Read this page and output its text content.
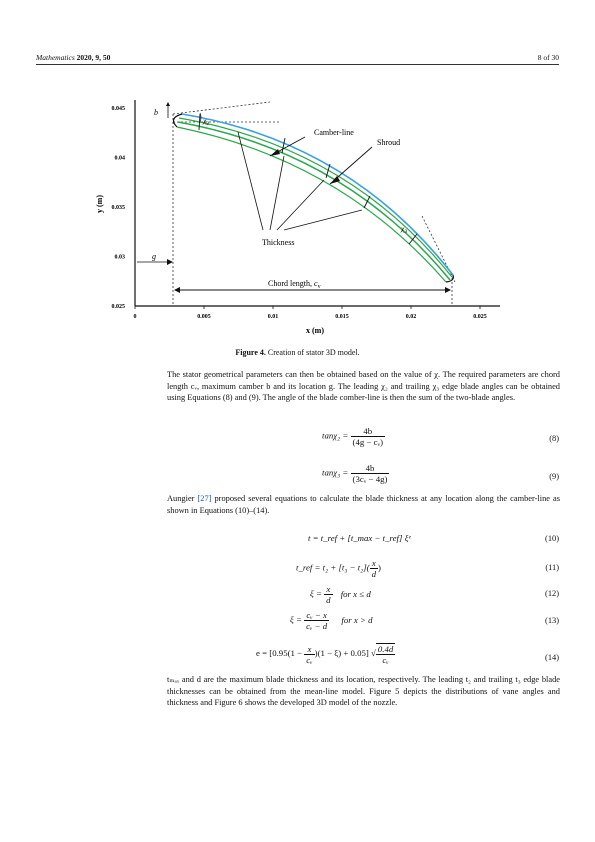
Mathematics 2020, 9, 50	8 of 30
0	0.005	0.01	0.015	0.02	0.025
0.025
0.03
0.035
0.04
0.045
x (m)
y (m)
Thickness
Camber-line
Shroud
Chord length, $c_v$
g
b
$\chi_2$
$\chi_3$
Figure 4. Creation of stator 3D model.
The stator geometrical parameters can then be obtained based on the value of χ. The required parameters are chord length cᵥ, maximum camber b and its location g. The leading χ₂ and trailing χ₃ edge blade angles can be obtained using Equations (8) and (9). The angle of the blade comber-line is then the sum of the two-blade angles.
$\tan\chi_2 = \frac{4b}{\text{(4g − cᵥ)}}$	(8)
$\tan\chi_3 = \frac{4b}{\text{(3cᵥ − 4g)}}$	(9)
Aungier [27] proposed several equations to calculate the blade thickness at any location along the camber-line as shown in Equations (10)–(14).
t = t_ref + [t_max − t_ref] ξᵉ	(10)
t_ref = $t_2 + [t_3 - t_2]( \frac{x}{d}$ )	(11)
$\xi = \frac{x}{d}$ for x ≤ d	(12)
$\xi = \frac{\text{cᵥ − x}}{\text{cᵥ − d}}$ for x > d	(13)
$e = [0.95(1 - \frac{x}{\text{cᵥ}} )(1 - \xi) + 0.05]$ √ $\frac{0.4d}{\text{cᵥ}}$	(14)
tₘₐₓ and d are the maximum blade thickness and its location, respectively. The leading t₂ and trailing t₃ edge blade thicknesses can be obtained from the mean-line model. Figure 5 depicts the distributions of vane angles and thickness and Figure 6 shows the developed 3D model of the nozzle.
